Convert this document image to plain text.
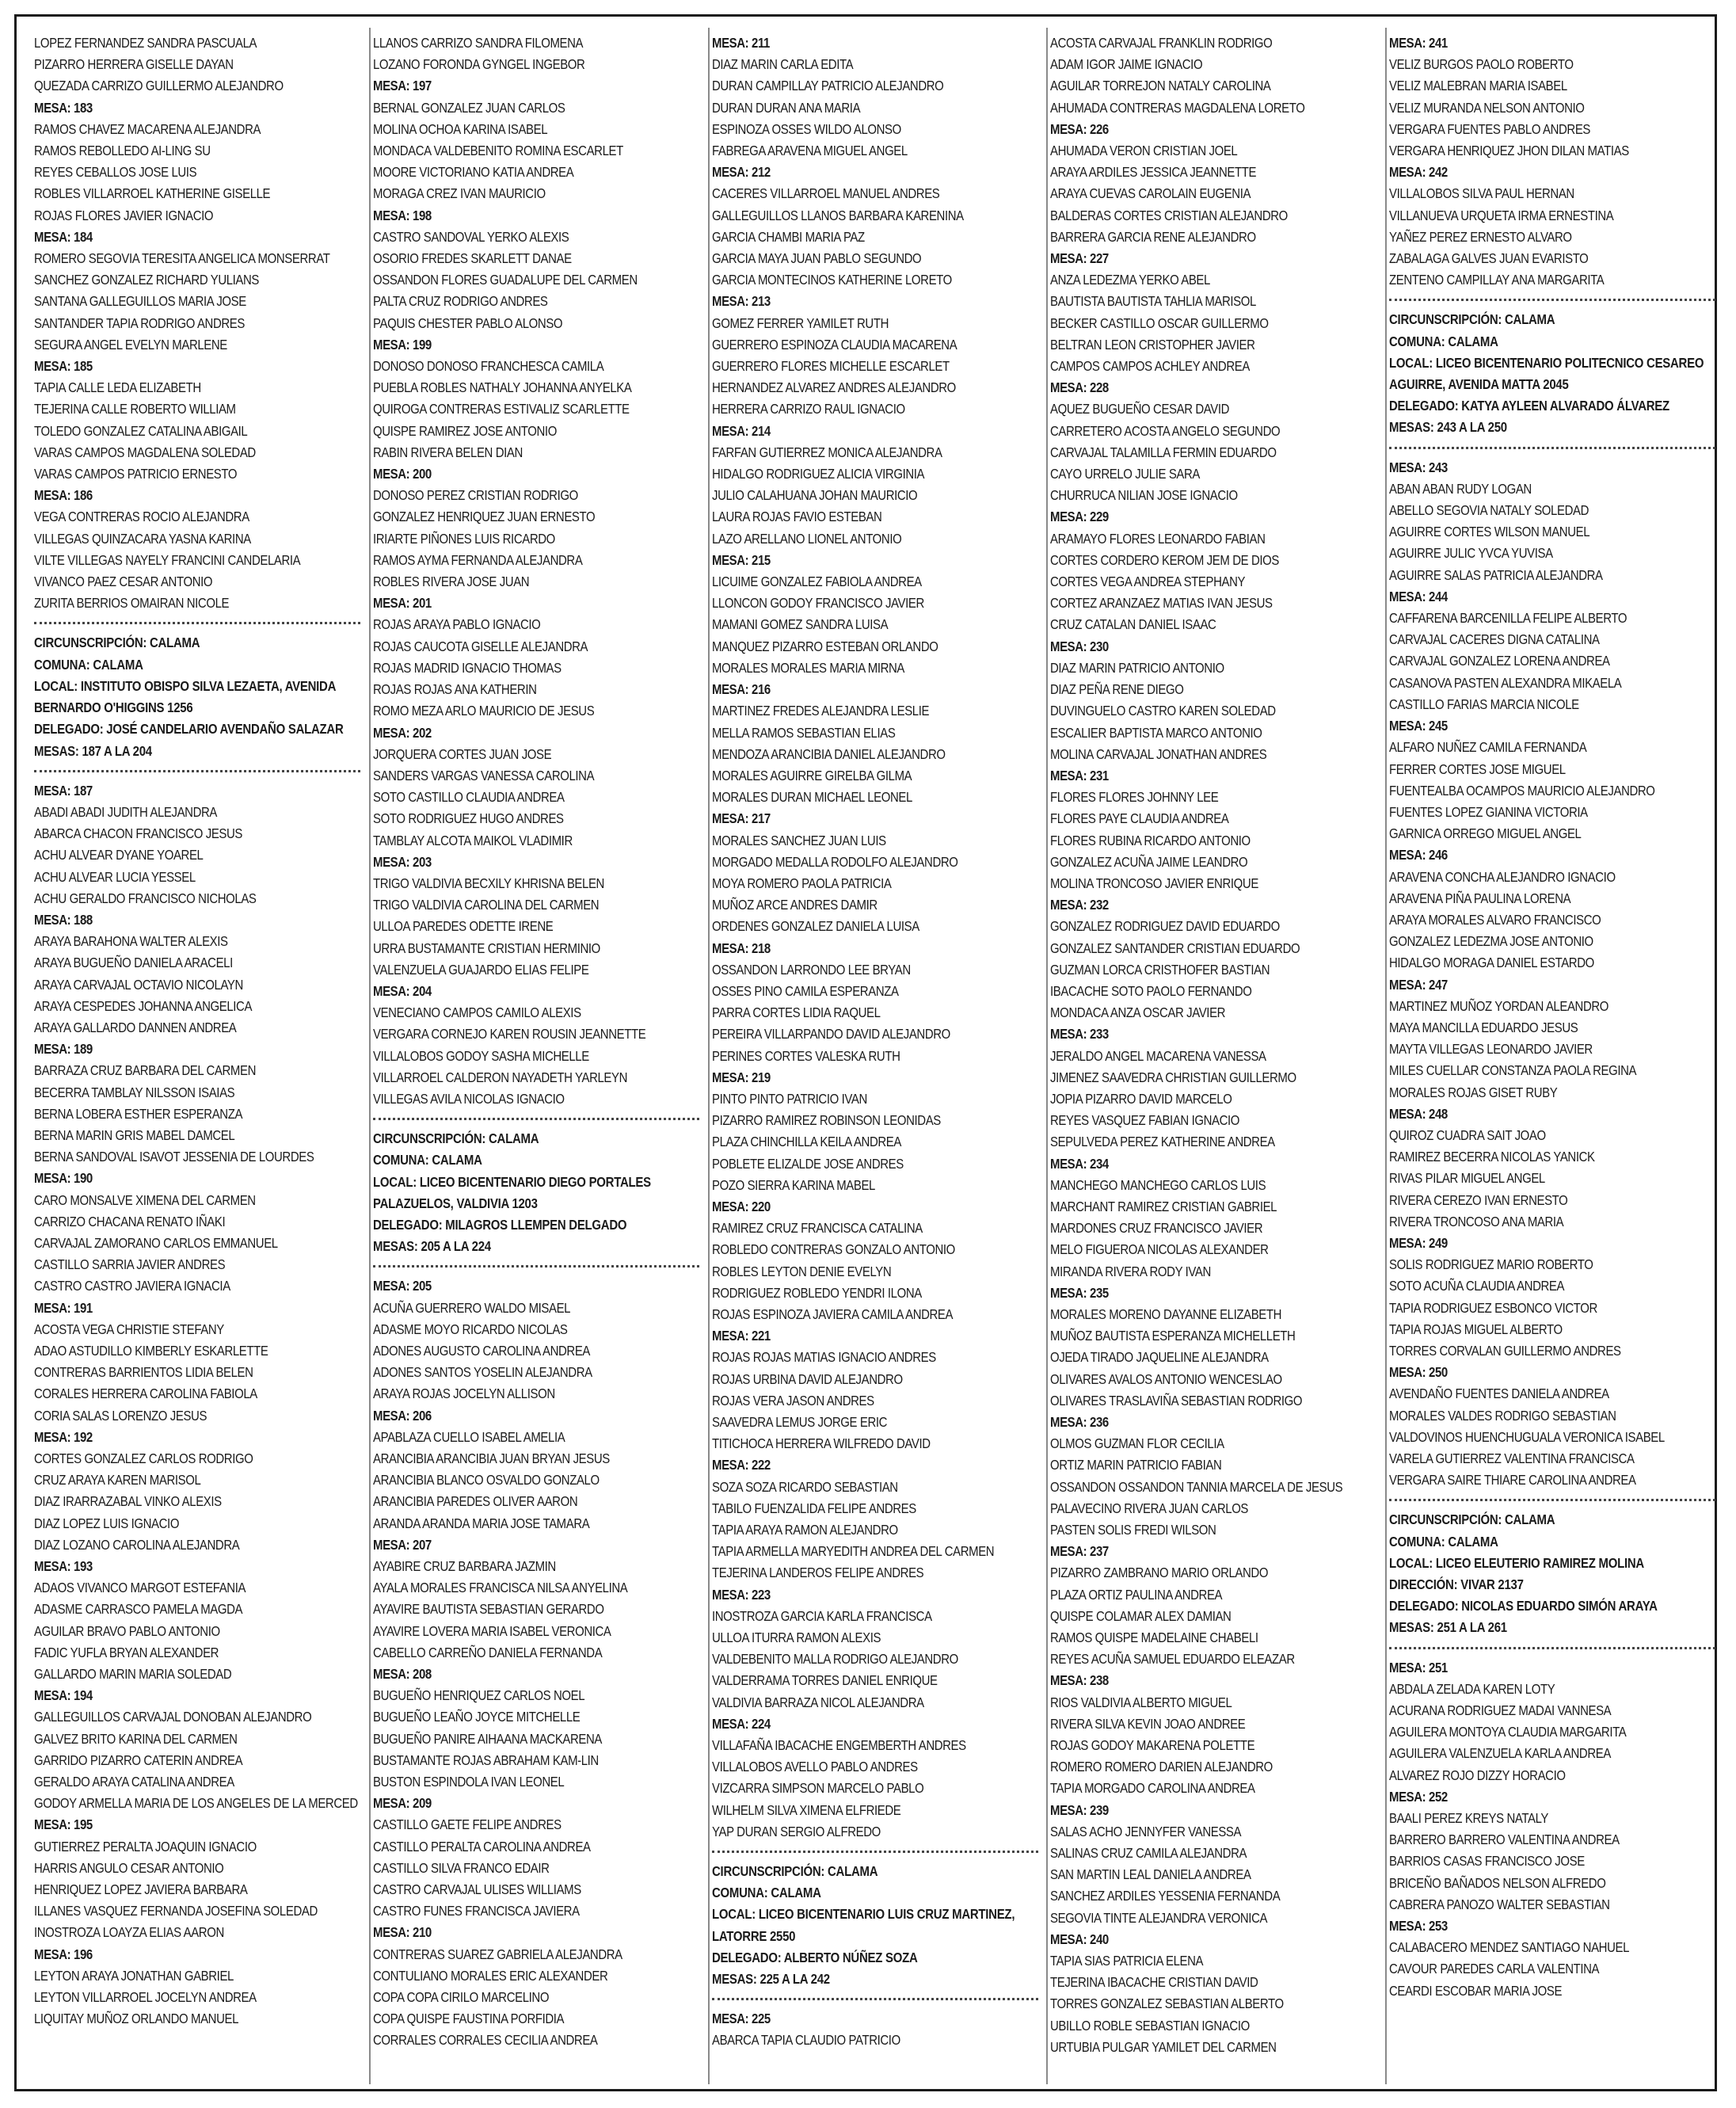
LOPEZ FERNANDEZ SANDRA PASCUALA
PIZARRO HERRERA GISELLE DAYAN
QUEZADA CARRIZO GUILLERMO ALEJANDRO
MESA: 183
RAMOS CHAVEZ MACARENA ALEJANDRA
RAMOS REBOLLEDO AI-LING SU
REYES CEBALLOS JOSE LUIS
ROBLES VILLARROEL KATHERINE GISELLE
ROJAS FLORES JAVIER IGNACIO
MESA: 184
ROMERO SEGOVIA TERESITA ANGELICA MONSERRAT
SANCHEZ GONZALEZ RICHARD YULIANS
SANTANA GALLEGUILLOS MARIA JOSE
SANTANDER TAPIA RODRIGO ANDRES
SEGURA ANGEL EVELYN MARLENE
MESA: 185
TAPIA CALLE LEDA ELIZABETH
TEJERINA CALLE ROBERTO WILLIAM
TOLEDO GONZALEZ CATALINA ABIGAIL
VARAS CAMPOS MAGDALENA SOLEDAD
VARAS CAMPOS PATRICIO ERNESTO
MESA: 186
VEGA CONTRERAS ROCIO ALEJANDRA
VILLEGAS QUINZACARA YASNA KARINA
VILTE VILLEGAS NAYELY FRANCINI CANDELARIA
VIVANCO PAEZ CESAR ANTONIO
ZURITA BERRIOS OMAIRAN NICOLE
CIRCUNSCRIPCIÓN: CALAMA
COMUNA: CALAMA
LOCAL: INSTITUTO OBISPO SILVA LEZAETA, AVENIDA BERNARDO O'HIGGINS 1256
DELEGADO: JOSÉ CANDELARIO AVENDAÑO SALAZAR
MESAS: 187 A LA 204
MESA: 187
ABADI ABADI JUDITH ALEJANDRA
ABARCA CHACON FRANCISCO JESUS
ACHU ALVEAR DYANE YOAREL
ACHU ALVEAR LUCIA YESSEL
ACHU GERALDO FRANCISCO NICHOLAS
MESA: 188
ARAYA BARAHONA WALTER ALEXIS
ARAYA BUGUEÑO DANIELA ARACELI
ARAYA CARVAJAL OCTAVIO NICOLAYN
ARAYA CESPEDES JOHANNA ANGELICA
ARAYA GALLARDO DANNEN ANDREA
MESA: 189
BARRAZA CRUZ BARBARA DEL CARMEN
BECERRA TAMBLAY NILSSON ISAIAS
BERNA LOBERA ESTHER ESPERANZA
BERNA MARIN GRIS MABEL DAMCEL
BERNA SANDOVAL ISAVOT JESSENIA DE LOURDES
MESA: 190
CARO MONSALVE XIMENA DEL CARMEN
CARRIZO CHACANA RENATO IÑAKI
CARVAJAL ZAMORANO CARLOS EMMANUEL
CASTILLO SARRIA JAVIER ANDRES
CASTRO CASTRO JAVIERA IGNACIA
MESA: 191
ACOSTA VEGA CHRISTIE STEFANY
ADAO ASTUDILLO KIMBERLY ESKARLETTE
CONTRERAS BARRIENTOS LIDIA BELEN
CORALES HERRERA CAROLINA FABIOLA
CORIA SALAS LORENZO JESUS
MESA: 192
CORTES GONZALEZ CARLOS RODRIGO
CRUZ ARAYA KAREN MARISOL
DIAZ IRARRAZABAL VINKO ALEXIS
DIAZ LOPEZ LUIS IGNACIO
DIAZ LOZANO CAROLINA ALEJANDRA
MESA: 193
ADAOS VIVANCO MARGOT ESTEFANIA
ADASME CARRASCO PAMELA MAGDA
AGUILAR BRAVO PABLO ANTONIO
FADIC YUFLA BRYAN ALEXANDER
GALLARDO MARIN MARIA SOLEDAD
MESA: 194
GALLEGUILLOS CARVAJAL DONOBAN ALEJANDRO
GALVEZ BRITO KARINA DEL CARMEN
GARRIDO PIZARRO CATERIN ANDREA
GERALDO ARAYA CATALINA ANDREA
GODOY ARMELLA MARIA DE LOS ANGELES DE LA MERCED
MESA: 195
GUTIERREZ PERALTA JOAQUIN IGNACIO
HARRIS ANGULO CESAR ANTONIO
HENRIQUEZ LOPEZ JAVIERA BARBARA
ILLANES VASQUEZ FERNANDA JOSEFINA SOLEDAD
INOSTROZA LOAYZA ELIAS AARON
MESA: 196
LEYTON ARAYA JONATHAN GABRIEL
LEYTON VILLARROEL JOCELYN ANDREA
LIQUITAY MUÑOZ ORLANDO MANUEL
LLANOS CARRIZO SANDRA FILOMENA
LOZANO FORONDA GYNGEL INGEBOR
MESA: 197
BERNAL GONZALEZ JUAN CARLOS
MOLINA OCHOA KARINA ISABEL
MONDACA VALDEBENITO ROMINA ESCARLET
MOORE VICTORIANO KATIA ANDREA
MORAGA CREZ IVAN MAURICIO
MESA: 198
CASTRO SANDOVAL YERKO ALEXIS
OSORIO FREDES SKARLETT DANAE
OSSANDON FLORES GUADALUPE DEL CARMEN
PALTA CRUZ RODRIGO ANDRES
PAQUIS CHESTER PABLO ALONSO
MESA: 199
DONOSO DONOSO FRANCHESCA CAMILA
PUEBLA ROBLES NATHALY JOHANNA ANYELKA
QUIROGA CONTRERAS ESTIVALIZ SCARLETTE
QUISPE RAMIREZ JOSE ANTONIO
RABIN RIVERA BELEN DIAN
MESA: 200
DONOSO PEREZ CRISTIAN RODRIGO
GONZALEZ HENRIQUEZ JUAN ERNESTO
IRIARTE PIÑONES LUIS RICARDO
RAMOS AYMA FERNANDA ALEJANDRA
ROBLES RIVERA JOSE JUAN
MESA: 201
ROJAS ARAYA PABLO IGNACIO
ROJAS CAUCOTA GISELLE ALEJANDRA
ROJAS MADRID IGNACIO THOMAS
ROJAS ROJAS ANA KATHERIN
ROMO MEZA ARLO MAURICIO DE JESUS
MESA: 202
JORQUERA CORTES JUAN JOSE
SANDERS VARGAS VANESSA CAROLINA
SOTO CASTILLO CLAUDIA ANDREA
SOTO RODRIGUEZ HUGO ANDRES
TAMBLAY ALCOTA MAIKOL VLADIMIR
MESA: 203
TRIGO VALDIVIA BECXILY KHRISNA BELEN
TRIGO VALDIVIA CAROLINA DEL CARMEN
ULLOA PAREDES ODETTE IRENE
URRA BUSTAMANTE CRISTIAN HERMINIO
VALENZUELA GUAJARDO ELIAS FELIPE
MESA: 204
VENECIANO CAMPOS CAMILO ALEXIS
VERGARA CORNEJO KAREN ROUSIN JEANNETTE
VILLALOBOS GODOY SASHA MICHELLE
VILLARROEL CALDERON NAYADETH YARLEYN
VILLEGAS AVILA NICOLAS IGNACIO
CIRCUNSCRIPCIÓN: CALAMA
COMUNA: CALAMA
LOCAL: LICEO BICENTENARIO DIEGO PORTALES PALAZUELOS, VALDIVIA 1203
DELEGADO: MILAGROS LLEMPEN DELGADO
MESAS: 205 A LA 224
MESA: 205
ACUÑA GUERRERO WALDO MISAEL
ADASME MOYO RICARDO NICOLAS
ADONES AUGUSTO CAROLINA ANDREA
ADONES SANTOS YOSELIN ALEJANDRA
ARAYA ROJAS JOCELYN ALLISON
MESA: 206
APABLAZA CUELLO ISABEL AMELIA
ARANCIBIA ARANCIBIA JUAN BRYAN JESUS
ARANCIBIA BLANCO OSVALDO GONZALO
ARANCIBIA PAREDES OLIVER AARON
ARANDA ARANDA MARIA JOSE TAMARA
MESA: 207
AYABIRE CRUZ BARBARA JAZMIN
AYALA MORALES FRANCISCA NILSA ANYELINA
AYAVIRE BAUTISTA SEBASTIAN GERARDO
AYAVIRE LOVERA MARIA ISABEL VERONICA
CABELLO CARREÑO DANIELA FERNANDA
MESA: 208
BUGUEÑO HENRIQUEZ CARLOS NOEL
BUGUEÑO LEAÑO JOYCE MITCHELLE
BUGUEÑO PANIRE AIHAANA MACKARENA
BUSTAMANTE ROJAS ABRAHAM KAM-LIN
BUSTON ESPINDOLA IVAN LEONEL
MESA: 209
CASTILLO GAETE FELIPE ANDRES
CASTILLO PERALTA CAROLINA ANDREA
CASTILLO SILVA FRANCO EDAIR
CASTRO CARVAJAL ULISES WILLIAMS
CASTRO FUNES FRANCISCA JAVIERA
MESA: 210
CONTRERAS SUAREZ GABRIELA ALEJANDRA
CONTULIANO MORALES ERIC ALEXANDER
COPA COPA CIRILO MARCELINO
COPA QUISPE FAUSTINA PORFIDIA
CORRALES CORRALES CECILIA ANDREA
MESA: 211
DIAZ MARIN CARLA EDITA
DURAN CAMPILLAY PATRICIO ALEJANDRO
DURAN DURAN ANA MARIA
ESPINOZA OSSES WILDO ALONSO
FABREGA ARAVENA MIGUEL ANGEL
MESA: 212
CACERES VILLARROEL MANUEL ANDRES
GALLEGUILLOS LLANOS BARBARA KARENINA
GARCIA CHAMBI MARIA PAZ
GARCIA MAYA JUAN PABLO SEGUNDO
GARCIA MONTECINOS KATHERINE LORETO
MESA: 213
GOMEZ FERRER YAMILET RUTH
GUERRERO ESPINOZA CLAUDIA MACARENA
GUERRERO FLORES MICHELLE ESCARLET
HERNANDEZ ALVAREZ ANDRES ALEJANDRO
HERRERA CARRIZO RAUL IGNACIO
MESA: 214
FARFAN GUTIERREZ MONICA ALEJANDRA
HIDALGO RODRIGUEZ ALICIA VIRGINIA
JULIO CALAHUANA JOHAN MAURICIO
LAURA ROJAS FAVIO ESTEBAN
LAZO ARELLANO LIONEL ANTONIO
MESA: 215
LICUIME GONZALEZ FABIOLA ANDREA
LLONCON GODOY FRANCISCO JAVIER
MAMANI GOMEZ SANDRA LUISA
MANQUEZ PIZARRO ESTEBAN ORLANDO
MORALES MORALES MARIA MIRNA
MESA: 216
MARTINEZ FREDES ALEJANDRA LESLIE
MELLA RAMOS SEBASTIAN ELIAS
MENDOZA ARANCIBIA DANIEL ALEJANDRO
MORALES AGUIRRE GIRELBA GILMA
MORALES DURAN MICHAEL LEONEL
MESA: 217
MORALES SANCHEZ JUAN LUIS
MORGADO MEDALLA RODOLFO ALEJANDRO
MOYA ROMERO PAOLA PATRICIA
MUÑOZ ARCE ANDRES DAMIR
ORDENES GONZALEZ DANIELA LUISA
MESA: 218
OSSANDON LARRONDO LEE BRYAN
OSSES PINO CAMILA ESPERANZA
PARRA CORTES LIDIA RAQUEL
PEREIRA VILLARPANDO DAVID ALEJANDRO
PERINES CORTES VALESKA RUTH
MESA: 219
PINTO PINTO PATRICIO IVAN
PIZARRO RAMIREZ ROBINSON LEONIDAS
PLAZA CHINCHILLA KEILA ANDREA
POBLETE ELIZALDE JOSE ANDRES
POZO SIERRA KARINA MABEL
MESA: 220
RAMIREZ CRUZ FRANCISCA CATALINA
ROBLEDO CONTRERAS GONZALO ANTONIO
ROBLES LEYTON DENIE EVELYN
RODRIGUEZ ROBLEDO YENDRI ILONA
ROJAS ESPINOZA JAVIERA CAMILA ANDREA
MESA: 221
ROJAS ROJAS MATIAS IGNACIO ANDRES
ROJAS URBINA DAVID ALEJANDRO
ROJAS VERA JASON ANDRES
SAAVEDRA LEMUS JORGE ERIC
TITICHOCA HERRERA WILFREDO DAVID
MESA: 222
SOZA SOZA RICARDO SEBASTIAN
TABILO FUENZALIDA FELIPE ANDRES
TAPIA ARAYA RAMON ALEJANDRO
TAPIA ARMELLA MARYEDITH ANDREA DEL CARMEN
TEJERINA LANDEROS FELIPE ANDRES
MESA: 223
INOSTROZA GARCIA KARLA FRANCISCA
ULLOA ITURRA RAMON ALEXIS
VALDEBENITO MALLA RODRIGO ALEJANDRO
VALDERRAMA TORRES DANIEL ENRIQUE
VALDIVIA BARRAZA NICOL ALEJANDRA
MESA: 224
VILLAFAÑA IBACACHE ENGEMBERTH ANDRES
VILLALOBOS AVELLO PABLO ANDRES
VIZCARRA SIMPSON MARCELO PABLO
WILHELM SILVA XIMENA ELFRIEDE
YAP DURAN SERGIO ALFREDO
CIRCUNSCRIPCIÓN: CALAMA
COMUNA: CALAMA
LOCAL: LICEO BICENTENARIO LUIS CRUZ MARTINEZ, LATORRE 2550
DELEGADO: ALBERTO NÚÑEZ SOZA
MESAS: 225 A LA 242
MESA: 225
ABARCA TAPIA CLAUDIO PATRICIO
ACOSTA CARVAJAL FRANKLIN RODRIGO
ADAM IGOR JAIME IGNACIO
AGUILAR TORREJON NATALY CAROLINA
AHUMADA CONTRERAS MAGDALENA LORETO
MESA: 226
AHUMADA VERON CRISTIAN JOEL
ARAYA ARDILES JESSICA JEANNETTE
ARAYA CUEVAS CAROLAIN EUGENIA
BALDERAS CORTES CRISTIAN ALEJANDRO
BARRERA GARCIA RENE ALEJANDRO
MESA: 227
ANZA LEDEZMA YERKO ABEL
BAUTISTA BAUTISTA TAHLIA MARISOL
BECKER CASTILLO OSCAR GUILLERMO
BELTRAN LEON CRISTOPHER JAVIER
CAMPOS CAMPOS ACHLEY ANDREA
MESA: 228
AQUEZ BUGUEÑO CESAR DAVID
CARRETERO ACOSTA ANGELO SEGUNDO
CARVAJAL TALAMILLA FERMIN EDUARDO
CAYO URRELO JULIE SARA
CHURRUCA NILIAN JOSE IGNACIO
MESA: 229
ARAMAYO FLORES LEONARDO FABIAN
CORTES CORDERO KEROM JEM DE DIOS
CORTES VEGA ANDREA STEPHANY
CORTEZ ARANZAEZ MATIAS IVAN JESUS
CRUZ CATALAN DANIEL ISAAC
MESA: 230
DIAZ MARIN PATRICIO ANTONIO
DIAZ PEÑA RENE DIEGO
DUVINGUELO CASTRO KAREN SOLEDAD
ESCALIER BAPTISTA MARCO ANTONIO
MOLINA CARVAJAL JONATHAN ANDRES
MESA: 231
FLORES FLORES JOHNNY LEE
FLORES PAYE CLAUDIA ANDREA
FLORES RUBINA RICARDO ANTONIO
GONZALEZ ACUÑA JAIME LEANDRO
MOLINA TRONCOSO JAVIER ENRIQUE
MESA: 232
GONZALEZ RODRIGUEZ DAVID EDUARDO
GONZALEZ SANTANDER CRISTIAN EDUARDO
GUZMAN LORCA CRISTHOFER BASTIAN
IBACACHE SOTO PAOLO FERNANDO
MONDACA ANZA OSCAR JAVIER
MESA: 233
JERALDO ANGEL MACARENA VANESSA
JIMENEZ SAAVEDRA CHRISTIAN GUILLERMO
JOPIA PIZARRO DAVID MARCELO
REYES VASQUEZ FABIAN IGNACIO
SEPULVEDA PEREZ KATHERINE ANDREA
MESA: 234
MANCHEGO MANCHEGO CARLOS LUIS
MARCHANT RAMIREZ CRISTIAN GABRIEL
MARDONES CRUZ FRANCISCO JAVIER
MELO FIGUEROA NICOLAS ALEXANDER
MIRANDA RIVERA RODY IVAN
MESA: 235
MORALES MORENO DAYANNE ELIZABETH
MUÑOZ BAUTISTA ESPERANZA MICHELLETH
OJEDA TIRADO JAQUELINE ALEJANDRA
OLIVARES AVALOS ANTONIO WENCESLAO
OLIVARES TRASLAVIÑA SEBASTIAN RODRIGO
MESA: 236
OLMOS GUZMAN FLOR CECILIA
ORTIZ MARIN PATRICIO FABIAN
OSSANDON OSSANDON TANNIA MARCELA DE JESUS
PALAVECINO RIVERA JUAN CARLOS
PASTEN SOLIS FREDI WILSON
MESA: 237
PIZARRO ZAMBRANO MARIO ORLANDO
PLAZA ORTIZ PAULINA ANDREA
QUISPE COLAMAR ALEX DAMIAN
RAMOS QUISPE MADELAINE CHABELI
REYES ACUÑA SAMUEL EDUARDO ELEAZAR
MESA: 238
RIOS VALDIVIA ALBERTO MIGUEL
RIVERA SILVA KEVIN JOAO ANDREE
ROJAS GODOY MAKARENA POLETTE
ROMERO ROMERO DARIEN ALEJANDRO
TAPIA MORGADO CAROLINA ANDREA
MESA: 239
SALAS ACHO JENNYFER VANESSA
SALINAS CRUZ CAMILA ALEJANDRA
SAN MARTIN LEAL DANIELA ANDREA
SANCHEZ ARDILES YESSENIA FERNANDA
SEGOVIA TINTE ALEJANDRA VERONICA
MESA: 240
TAPIA SIAS PATRICIA ELENA
TEJERINA IBACACHE CRISTIAN DAVID
TORRES GONZALEZ SEBASTIAN ALBERTO
UBILLO ROBLE SEBASTIAN IGNACIO
URTUBIA PULGAR YAMILET DEL CARMEN
MESA: 241
VELIZ BURGOS PAOLO ROBERTO
VELIZ MALEBRAN MARIA ISABEL
VELIZ MURANDA NELSON ANTONIO
VERGARA FUENTES PABLO ANDRES
VERGARA HENRIQUEZ JHON DILAN MATIAS
MESA: 242
VILLALOBOS SILVA PAUL HERNAN
VILLANUEVA URQUETA IRMA ERNESTINA
YAÑEZ PEREZ ERNESTO ALVARO
ZABALAGA GALVES JUAN EVARISTO
ZENTENO CAMPILLAY ANA MARGARITA
CIRCUNSCRIPCIÓN: CALAMA
COMUNA: CALAMA
LOCAL: LICEO BICENTENARIO POLITECNICO CESAREO AGUIRRE, AVENIDA MATTA 2045
DELEGADO: KATYA AYLEEN ALVARADO ÁLVAREZ
MESAS: 243 A LA 250
MESA: 243
ABAN ABAN RUDY LOGAN
ABELLO SEGOVIA NATALY SOLEDAD
AGUIRRE CORTES WILSON MANUEL
AGUIRRE JULIC YVCA YUVISA
AGUIRRE SALAS PATRICIA ALEJANDRA
MESA: 244
CAFFARENA BARCENILLA FELIPE ALBERTO
CARVAJAL CACERES DIGNA CATALINA
CARVAJAL GONZALEZ LORENA ANDREA
CASANOVA PASTEN ALEXANDRA MIKAELA
CASTILLO FARIAS MARCIA NICOLE
MESA: 245
ALFARO NUÑEZ CAMILA FERNANDA
FERRER CORTES JOSE MIGUEL
FUENTEALBA OCAMPOS MAURICIO ALEJANDRO
FUENTES LOPEZ GIANINA VICTORIA
GARNICA ORREGO MIGUEL ANGEL
MESA: 246
ARAVENA CONCHA ALEJANDRO IGNACIO
ARAVENA PIÑA PAULINA LORENA
ARAYA MORALES ALVARO FRANCISCO
GONZALEZ LEDEZMA JOSE ANTONIO
HIDALGO MORAGA DANIEL ESTARDO
MESA: 247
MARTINEZ MUÑOZ YORDAN ALEANDRO
MAYA MANCILLA EDUARDO JESUS
MAYTA VILLEGAS LEONARDO JAVIER
MILES CUELLAR CONSTANZA PAOLA REGINA
MORALES ROJAS GISET RUBY
MESA: 248
QUIROZ CUADRA SAIT JOAO
RAMIREZ BECERRA NICOLAS YANICK
RIVAS PILAR MIGUEL ANGEL
RIVERA CEREZO IVAN ERNESTO
RIVERA TRONCOSO ANA MARIA
MESA: 249
SOLIS RODRIGUEZ MARIO ROBERTO
SOTO ACUÑA CLAUDIA ANDREA
TAPIA RODRIGUEZ ESBONCO VICTOR
TAPIA ROJAS MIGUEL ALBERTO
TORRES CORVALAN GUILLERMO ANDRES
MESA: 250
AVENDAÑO FUENTES DANIELA ANDREA
MORALES VALDES RODRIGO SEBASTIAN
VALDOVINOS HUENCHUGUALA VERONICA ISABEL
VARELA GUTIERREZ VALENTINA FRANCISCA
VERGARA SAIRE THIARE CAROLINA ANDREA
CIRCUNSCRIPCIÓN: CALAMA
COMUNA: CALAMA
LOCAL: LICEO ELEUTERIO RAMIREZ MOLINA
DIRECCIÓN: VIVAR 2137
DELEGADO: NICOLAS EDUARDO SIMÓN ARAYA
MESAS: 251 A LA 261
MESA: 251
ABDALA ZELADA KAREN LOTY
ACURANA RODRIGUEZ MADAI VANNESA
AGUILERA MONTOYA CLAUDIA MARGARITA
AGUILERA VALENZUELA KARLA ANDREA
ALVAREZ ROJO DIZZY HORACIO
MESA: 252
BAALI PEREZ KREYS NATALY
BARRERO BARRERO VALENTINA ANDREA
BARRIOS CASAS FRANCISCO JOSE
BRICEÑO BAÑADOS NELSON ALFREDO
CABRERA PANOZO WALTER SEBASTIAN
MESA: 253
CALABACERO MENDEZ SANTIAGO NAHUEL
CAVOUR PAREDES CARLA VALENTINA
CEARDI ESCOBAR MARIA JOSE
